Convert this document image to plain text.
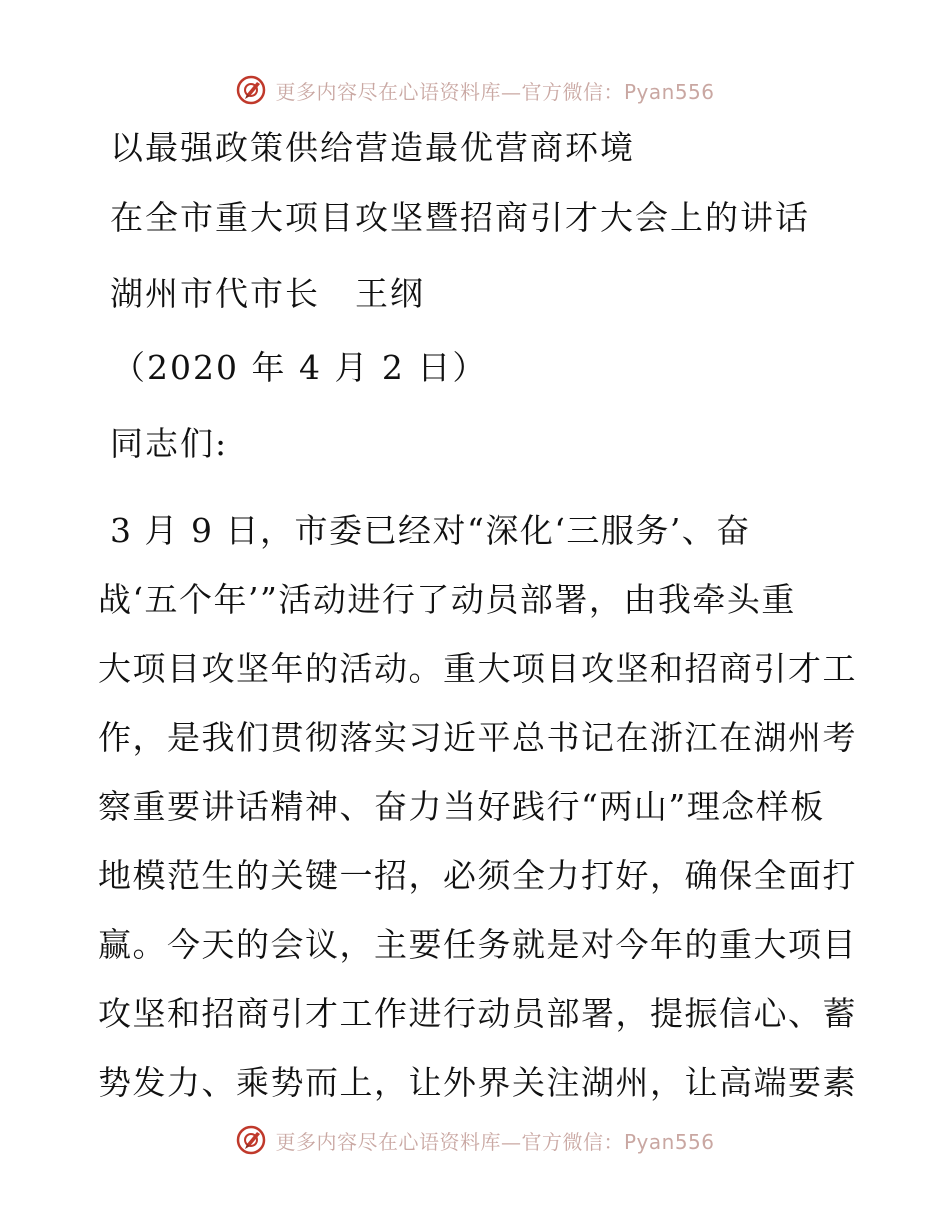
更多内容尽在心语资料库—官方微信：Pyan556
以最强政策供给营造最优营商环境
在全市重大项目攻坚暨招商引才大会上的讲话
湖州市代市长　王纲
（2020 年 4 月 2 日）
同志们:
3 月 9 日，市委已经对“深化‘三服务’、奋
战‘五个年’”活动进行了动员部署，由我牵头重
大项目攻坚年的活动。重大项目攻坚和招商引才工
作，是我们贯彻落实习近平总书记在浙江在湖州考
察重要讲话精神、奋力当好践行“两山”理念样板
地模范生的关键一招，必须全力打好，确保全面打
赢。今天的会议，主要任务就是对今年的重大项目
攻坚和招商引才工作进行动员部署，提振信心、蓄
势发力、乘势而上，让外界关注湖州，让高端要素
更多内容尽在心语资料库—官方微信：Pyan556
